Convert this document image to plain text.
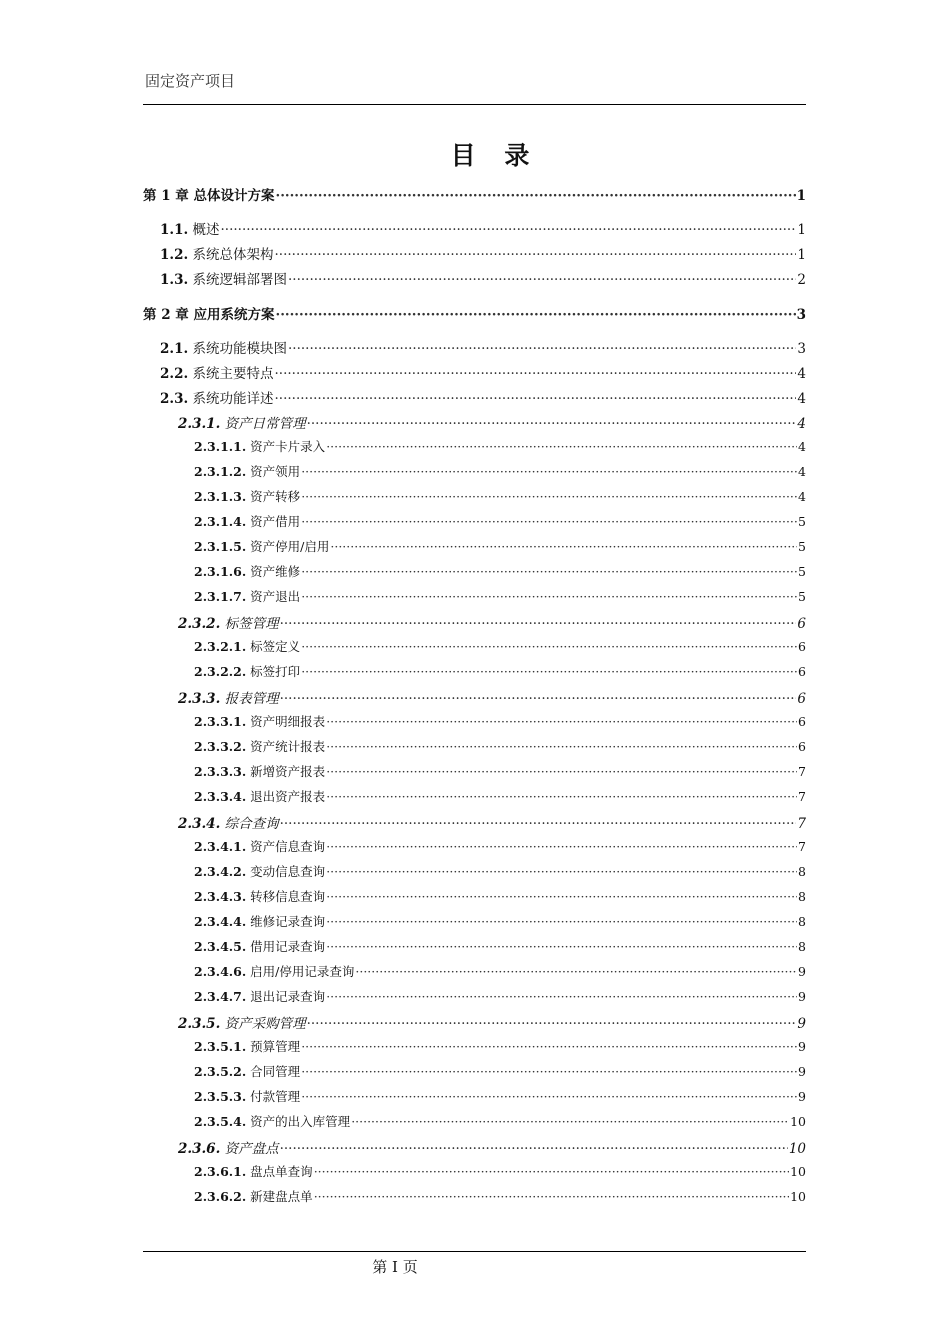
固定资产项目
目 录
第 1 章 总体设计方案 ·····	1
1.1. 概述 ·····	1
1.2. 系统总体架构 ·····	1
1.3. 系统逻辑部署图 ·····	2
第 2 章 应用系统方案 ·····	3
2.1. 系统功能模块图 ·····	3
2.2. 系统主要特点 ·····	4
2.3. 系统功能详述 ·····	4
2.3.1. 资产日常管理 ·····	4
2.3.1.1. 资产卡片录入 ·····	4
2.3.1.2. 资产领用 ·····	4
2.3.1.3. 资产转移 ·····	4
2.3.1.4. 资产借用 ·····	5
2.3.1.5. 资产停用/启用 ·····	5
2.3.1.6. 资产维修 ·····	5
2.3.1.7. 资产退出 ·····	5
2.3.2. 标签管理 ·····	6
2.3.2.1. 标签定义 ·····	6
2.3.2.2. 标签打印 ·····	6
2.3.3. 报表管理 ·····	6
2.3.3.1. 资产明细报表 ·····	6
2.3.3.2. 资产统计报表 ·····	6
2.3.3.3. 新增资产报表 ·····	7
2.3.3.4. 退出资产报表 ·····	7
2.3.4. 综合查询 ·····	7
2.3.4.1. 资产信息查询 ·····	7
2.3.4.2. 变动信息查询 ·····	8
2.3.4.3. 转移信息查询 ·····	8
2.3.4.4. 维修记录查询 ·····	8
2.3.4.5. 借用记录查询 ·····	8
2.3.4.6. 启用/停用记录查询 ·····	9
2.3.4.7. 退出记录查询 ·····	9
2.3.5. 资产采购管理 ·····	9
2.3.5.1. 预算管理 ·····	9
2.3.5.2. 合同管理 ·····	9
2.3.5.3. 付款管理 ·····	9
2.3.5.4. 资产的出入库管理 ·····	10
2.3.6. 资产盘点 ·····	10
2.3.6.1. 盘点单查询 ·····	10
2.3.6.2. 新建盘点单 ·····	10
第 I 页
